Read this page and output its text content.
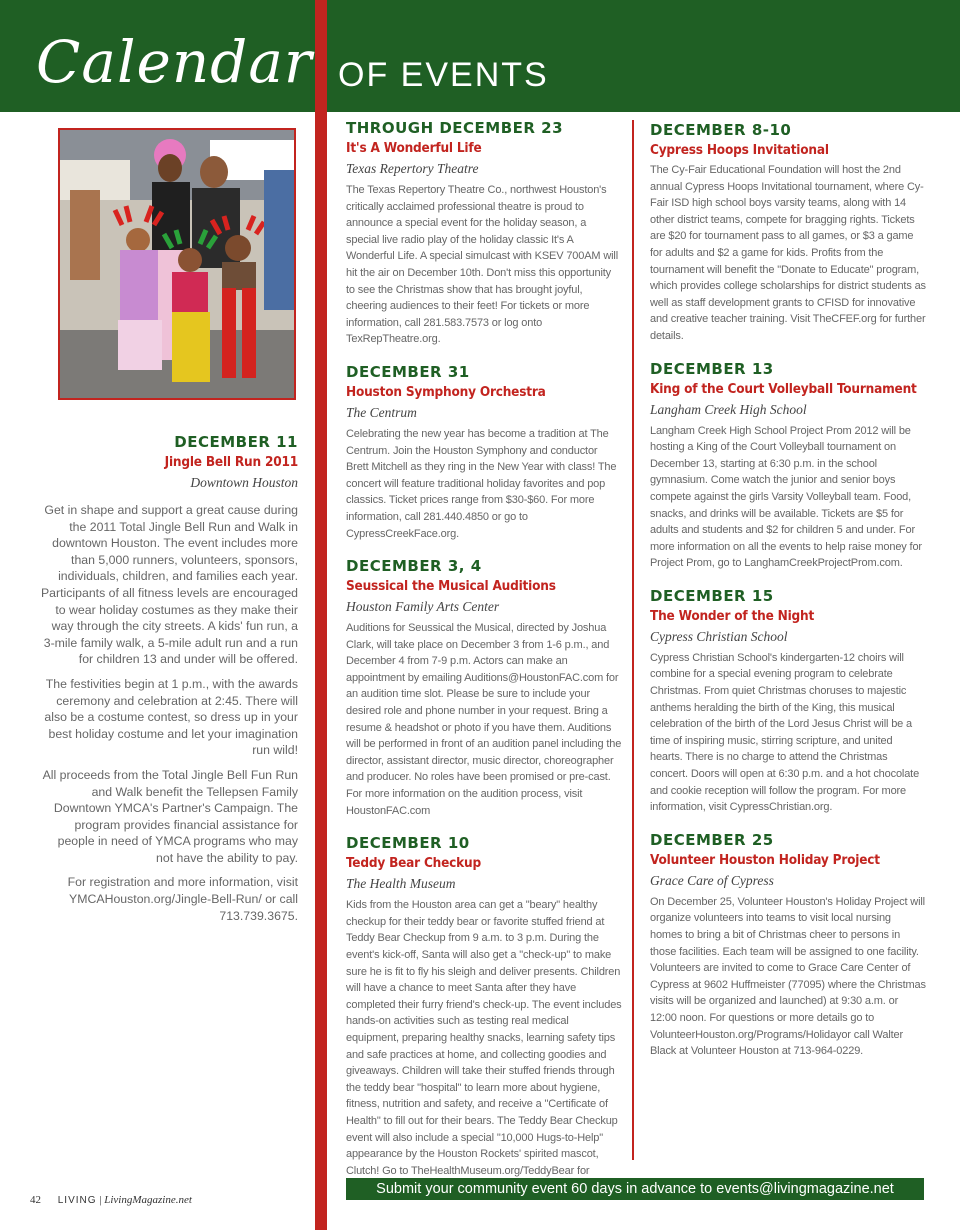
Calendar OF EVENTS
DECEMBER 11
Jingle Bell Run 2011
Downtown Houston

Get in shape and support a great cause during the 2011 Total Jingle Bell Run and Walk in downtown Houston. The event includes more than 5,000 runners, volunteers, sponsors, individuals, children, and families each year. Participants of all fitness levels are encouraged to wear holiday costumes as they make their way through the city streets. A kids' fun run, a 3-mile family walk, a 5-mile adult run and a run for children 13 and under will be offered.

The festivities begin at 1 p.m., with the awards ceremony and celebration at 2:45. There will also be a costume contest, so dress up in your best holiday costume and let your imagination run wild!

All proceeds from the Total Jingle Bell Fun Run and Walk benefit the Tellepsen Family Downtown YMCA's Partner's Campaign. The program provides financial assistance for people in need of YMCA programs who may not have the ability to pay.

For registration and more information, visit YMCAHouston.org/Jingle-Bell-Run/ or call 713.739.3675.

THROUGH DECEMBER 23
It's A Wonderful Life
Texas Repertory Theatre
The Texas Repertory Theatre Co., northwest Houston's critically acclaimed professional theatre is proud to announce a special event for the holiday season, a special live radio play of the holiday classic It's A Wonderful Life. A special simulcast with KSEV 700AM will hit the air on December 10th. Don't miss this opportunity to see the Christmas show that has brought joyful, cheering audiences to their feet! For tickets or more information, call 281.583.7573 or log onto TexRepTheatre.org.
DECEMBER 31
Houston Symphony Orchestra
The Centrum
Celebrating the new year has become a tradition at The Centrum. Join the Houston Symphony and conductor Brett Mitchell as they ring in the New Year with class! The concert will feature traditional holiday favorites and pop classics. Ticket prices range from $30-$60. For more information, call 281.440.4850 or go to CypressCreekFace.org.
DECEMBER 3, 4
Seussical the Musical Auditions
Houston Family Arts Center
Auditions for Seussical the Musical, directed by Joshua Clark, will take place on December 3 from 1-6 p.m., and December 4 from 7-9 p.m. Actors can make an appointment by emailing Auditions@HoustonFAC.com for an audition time slot. Please be sure to include your desired role and phone number in your request. Bring a resume & headshot or photo if you have them. Auditions will be performed in front of an audition panel including the director, assistant director, music director, choreographer and producer. No roles have been promised or pre-cast. For more information on the audition process, visit HoustonFAC.com
DECEMBER 10
Teddy Bear Checkup
The Health Museum
Kids from the Houston area can get a "beary" healthy checkup for their teddy bear or favorite stuffed friend at Teddy Bear Checkup from 9 a.m. to 3 p.m. During the event's kick-off, Santa will also get a "check-up" to make sure he is fit to fly his sleigh and deliver presents. Children will have a chance to meet Santa after they have completed their furry friend's check-up. The event includes hands-on activities such as testing real medical equipment, preparing healthy snacks, learning safety tips and safe practices at home, and collecting goodies and giveaways. Children will take their stuffed friends through the teddy bear "hospital" to learn more about hygiene, fitness, nutrition and safety, and receive a "Certificate of Health" to fill out for their bears. The Teddy Bear Checkup event will also include a special "10,000 Hugs-to-Help" appearance by the Houston Rockets' spirited mascot, Clutch! Go to TheHealthMuseum.org/TeddyBear for
DECEMBER 8-10
Cypress Hoops Invitational
The Cy-Fair Educational Foundation will host the 2nd annual Cypress Hoops Invitational tournament, where Cy-Fair ISD high school boys varsity teams, along with 14 other district teams, compete for bragging rights. Tickets are $20 for tournament pass to all games, or $3 a game for adults and $2 a game for kids. Profits from the tournament will benefit the "Donate to Educate" program, which provides college scholarships for district students as well as staff development grants to CFISD for innovative and creative teacher training. Visit TheCFEF.org for further details.
DECEMBER 13
King of the Court Volleyball Tournament
Langham Creek High School
Langham Creek High School Project Prom 2012 will be hosting a King of the Court Volleyball tournament on December 13, starting at 6:30 p.m. in the school gymnasium. Come watch the junior and senior boys compete against the girls Varsity Volleyball team. Food, snacks, and drinks will be available. Tickets are $5 for adults and students and $2 for children 5 and under. For more information on all the events to help raise money for Project Prom, go to LanghamCreekProjectProm.com.
DECEMBER 15
The Wonder of the Night
Cypress Christian School
Cypress Christian School's kindergarten-12 choirs will combine for a special evening program to celebrate Christmas. From quiet Christmas choruses to majestic anthems heralding the birth of the King, this musical celebration of the birth of the Lord Jesus Christ will be a time of inspiring music, stirring scripture, and united hearts. There is no charge to attend the Christmas concert. Doors will open at 6:30 p.m. and a hot chocolate and cookie reception will follow the program. For more information, visit CypressChristian.org.
DECEMBER 25
Volunteer Houston Holiday Project
Grace Care of Cypress
On December 25, Volunteer Houston's Holiday Project will organize volunteers into teams to visit local nursing homes to bring a bit of Christmas cheer to persons in those facilities. Each team will be assigned to one facility. Volunteers are invited to come to Grace Care Center of Cypress at 9602 Huffmeister (77095) where the Christmas visits will be organized and launched) at 9:30 a.m. or 12:00 noon. For questions or more details go to VolunteerHouston.org/Programs/Holidayor call Walter Black at Volunteer Houston at 713-964-0229.
Submit your community event 60 days in advance to events@livingmagazine.net
42 LIVING | LivingMagazine.net
